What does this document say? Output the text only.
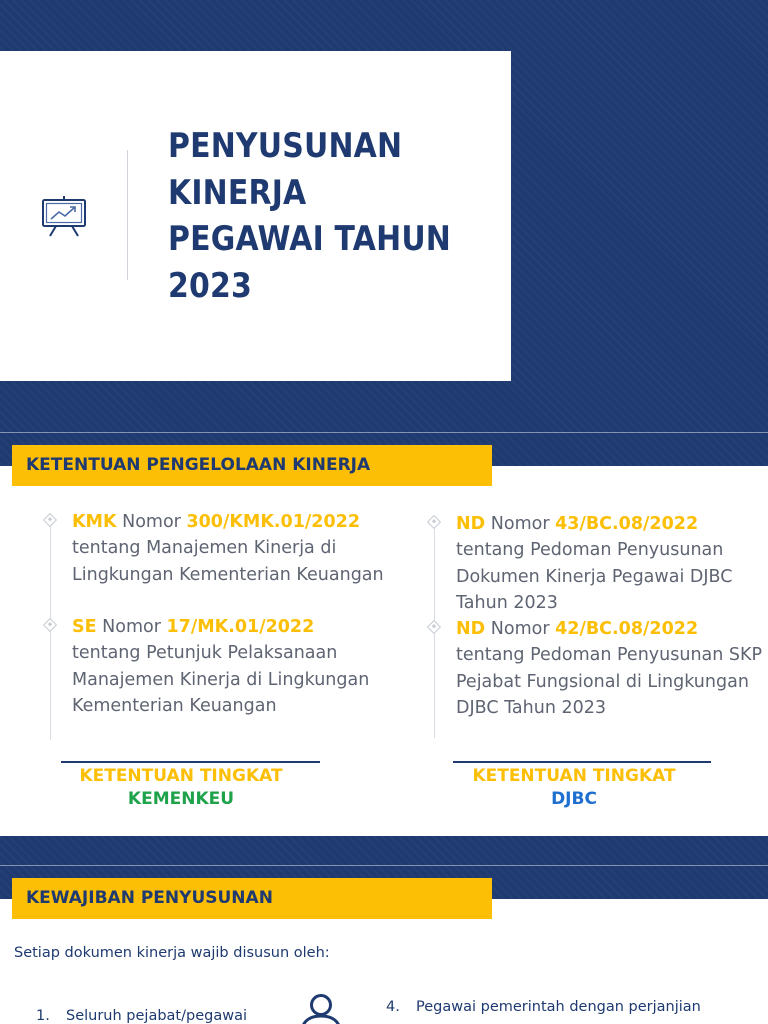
PENYUSUNAN
KINERJA
PEGAWAI TAHUN
2023
KETENTUAN PENGELOLAAN KINERJA
KMK Nomor 300/KMK.01/2022
tentang Manajemen Kinerja di Lingkungan Kementerian Keuangan
SE Nomor 17/MK.01/2022
tentang Petunjuk Pelaksanaan Manajemen Kinerja di Lingkungan Kementerian Keuangan
ND Nomor 43/BC.08/2022
tentang Pedoman Penyusunan Dokumen Kinerja Pegawai DJBC Tahun 2023
ND Nomor 42/BC.08/2022
tentang Pedoman Penyusunan SKP Pejabat Fungsional di Lingkungan DJBC Tahun 2023
KETENTUAN TINGKAT
KEMENKEU
KETENTUAN TINGKAT
DJBC
KEWAJIBAN PENYUSUNAN
Setiap dokumen kinerja wajib disusun oleh:
1. Seluruh pejabat/pegawai
4. Pegawai pemerintah dengan perjanjian
